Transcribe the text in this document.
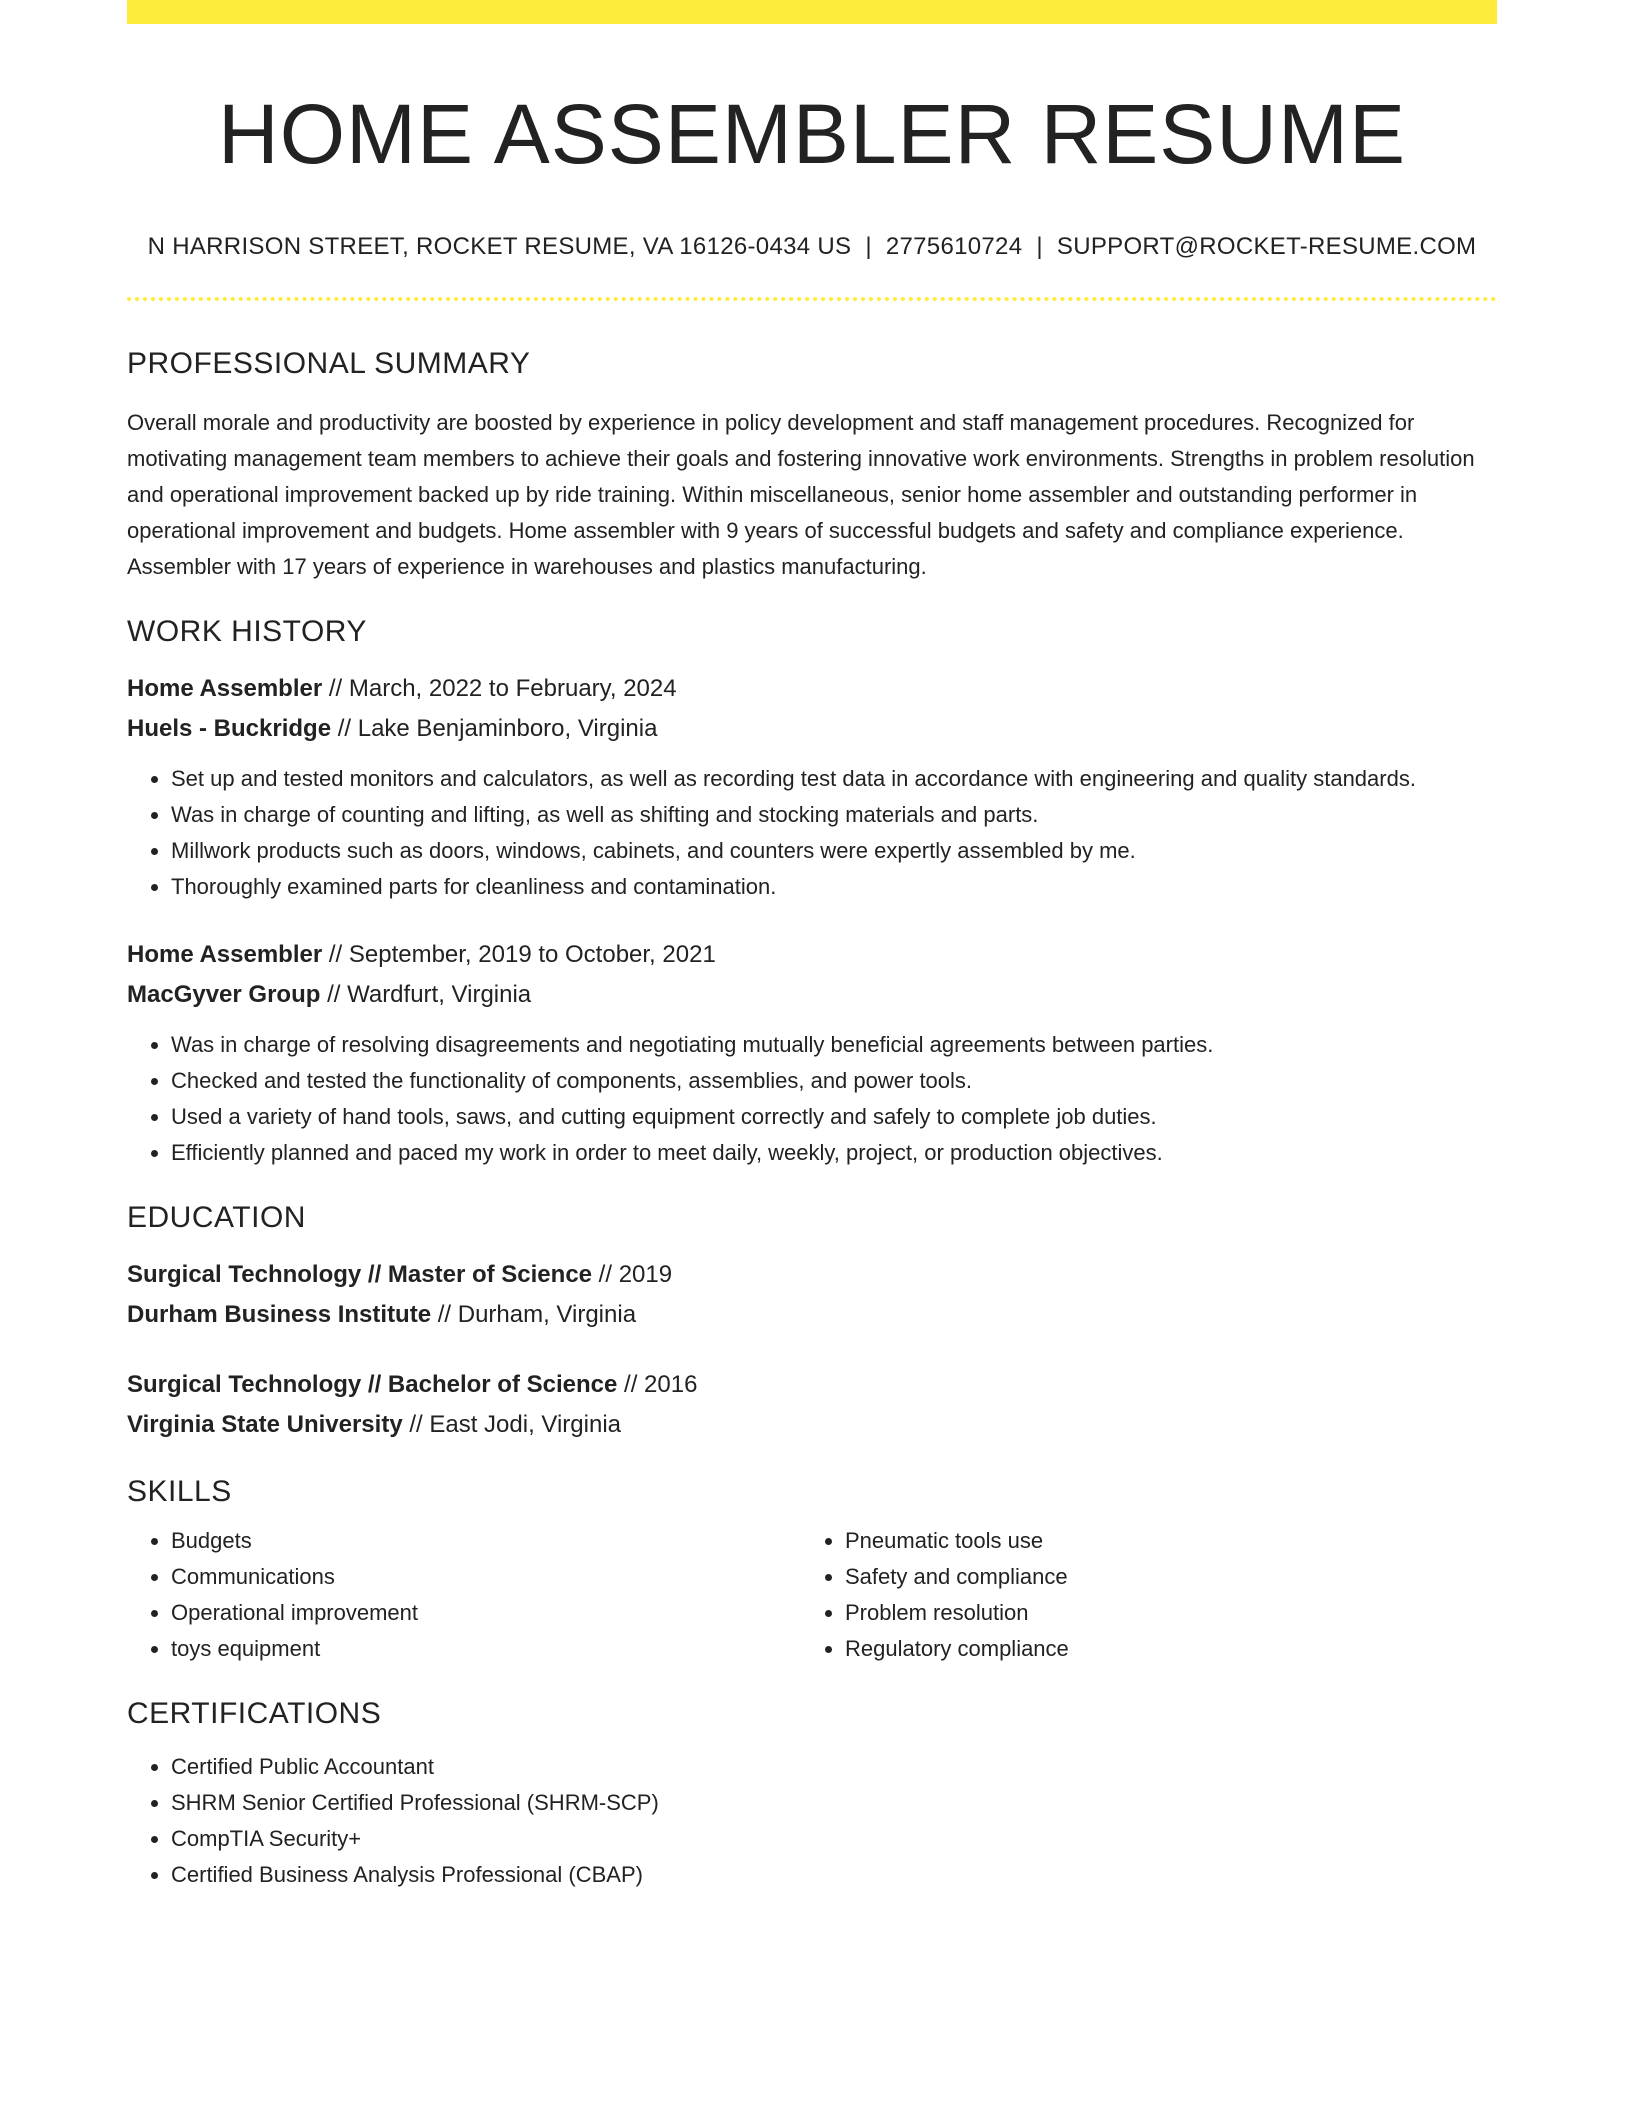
HOME ASSEMBLER RESUME
N HARRISON STREET, ROCKET RESUME, VA 16126-0434 US | 2775610724 | SUPPORT@ROCKET-RESUME.COM
PROFESSIONAL SUMMARY
Overall morale and productivity are boosted by experience in policy development and staff management procedures. Recognized for motivating management team members to achieve their goals and fostering innovative work environments. Strengths in problem resolution and operational improvement backed up by ride training. Within miscellaneous, senior home assembler and outstanding performer in operational improvement and budgets. Home assembler with 9 years of successful budgets and safety and compliance experience. Assembler with 17 years of experience in warehouses and plastics manufacturing.
WORK HISTORY
Home Assembler // March, 2022 to February, 2024
Huels - Buckridge // Lake Benjaminboro, Virginia
• Set up and tested monitors and calculators, as well as recording test data in accordance with engineering and quality standards.
• Was in charge of counting and lifting, as well as shifting and stocking materials and parts.
• Millwork products such as doors, windows, cabinets, and counters were expertly assembled by me.
• Thoroughly examined parts for cleanliness and contamination.
Home Assembler // September, 2019 to October, 2021
MacGyver Group // Wardfurt, Virginia
• Was in charge of resolving disagreements and negotiating mutually beneficial agreements between parties.
• Checked and tested the functionality of components, assemblies, and power tools.
• Used a variety of hand tools, saws, and cutting equipment correctly and safely to complete job duties.
• Efficiently planned and paced my work in order to meet daily, weekly, project, or production objectives.
EDUCATION
Surgical Technology // Master of Science // 2019
Durham Business Institute // Durham, Virginia
Surgical Technology // Bachelor of Science // 2016
Virginia State University // East Jodi, Virginia
SKILLS
• Budgets
• Communications
• Operational improvement
• toys equipment
• Pneumatic tools use
• Safety and compliance
• Problem resolution
• Regulatory compliance
CERTIFICATIONS
• Certified Public Accountant
• SHRM Senior Certified Professional (SHRM-SCP)
• CompTIA Security+
• Certified Business Analysis Professional (CBAP)
